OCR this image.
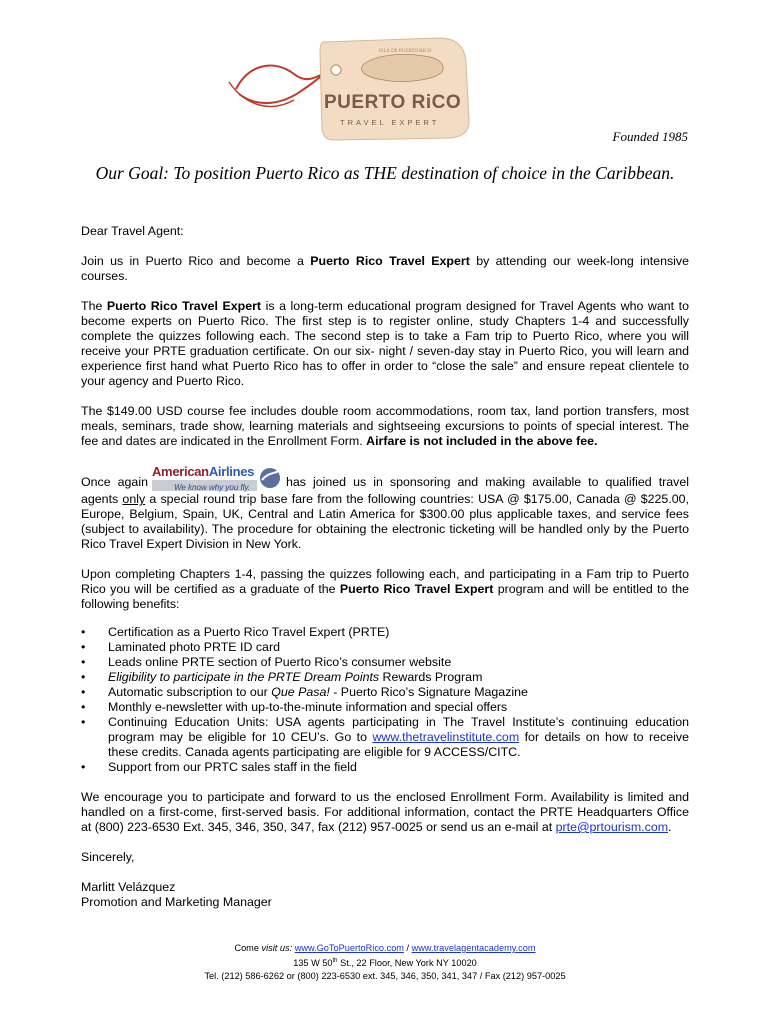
ISLA DE PUERTO RICO
PUERTO RiCO
TRAVEL EXPERT
Founded 1985
Our Goal: To position Puerto Rico as THE destination of choice in the Caribbean.

Dear Travel Agent:

Join us in Puerto Rico and become a Puerto Rico Travel Expert by attending our week-long intensive courses.

The Puerto Rico Travel Expert is a long-term educational program designed for Travel Agents who want to become experts on Puerto Rico. The first step is to register online, study Chapters 1-4 and successfully complete the quizzes following each. The second step is to take a Fam trip to Puerto Rico, where you will receive your PRTE graduation certificate. On our six- night / seven-day stay in Puerto Rico, you will learn and experience first hand what Puerto Rico has to offer in order to “close the sale” and ensure repeat clientele to your agency and Puerto Rico.

The $149.00 USD course fee includes double room accommodations, room tax, land portion transfers, most meals, seminars, trade show, learning materials and sightseeing excursions to points of special interest. The fee and dates are indicated in the Enrollment Form. Airfare is not included in the above fee.

Once again
AmericanAirlines
We know why you fly.	has joined us in sponsoring and making available to qualified travel agents only a special round trip base fare from the following countries: USA @ $175.00, Canada @ $225.00, Europe, Belgium, Spain, UK, Central and Latin America for $300.00 plus applicable taxes, and service fees (subject to availability). The procedure for obtaining the electronic ticketing will be handled only by the Puerto Rico Travel Expert Division in New York.

Upon completing Chapters 1-4, passing the quizzes following each, and participating in a Fam trip to Puerto Rico you will be certified as a graduate of the Puerto Rico Travel Expert program and will be entitled to the following benefits:

• Certification as a Puerto Rico Travel Expert (PRTE)
• Laminated photo PRTE ID card
• Leads online PRTE section of Puerto Rico’s consumer website
• Eligibility to participate in the PRTE Dream Points Rewards Program
• Automatic subscription to our Que Pasa! - Puerto Rico’s Signature Magazine
• Monthly e-newsletter with up-to-the-minute information and special offers
• Continuing Education Units: USA agents participating in The Travel Institute’s continuing education program may be eligible for 10 CEU’s. Go to www.thetravelinstitute.com for details on how to receive these credits. Canada agents participating are eligible for 9 ACCESS/CITC.
• Support from our PRTC sales staff in the field

We encourage you to participate and forward to us the enclosed Enrollment Form. Availability is limited and handled on a first-come, first-served basis. For additional information, contact the PRTE Headquarters Office at (800) 223-6530 Ext. 345, 346, 350, 347, fax (212) 957-0025 or send us an e-mail at prte@prtourism.com.

Sincerely,

Marlitt Velázquez
Promotion and Marketing Manager

Come visit us: www.GoToPuertoRico.com / www.travelagentacademy.com
135 W 50th St., 22 Floor, New York NY 10020
Tel. (212) 586-6262 or (800) 223-6530 ext. 345, 346, 350, 341, 347 / Fax (212) 957-0025
